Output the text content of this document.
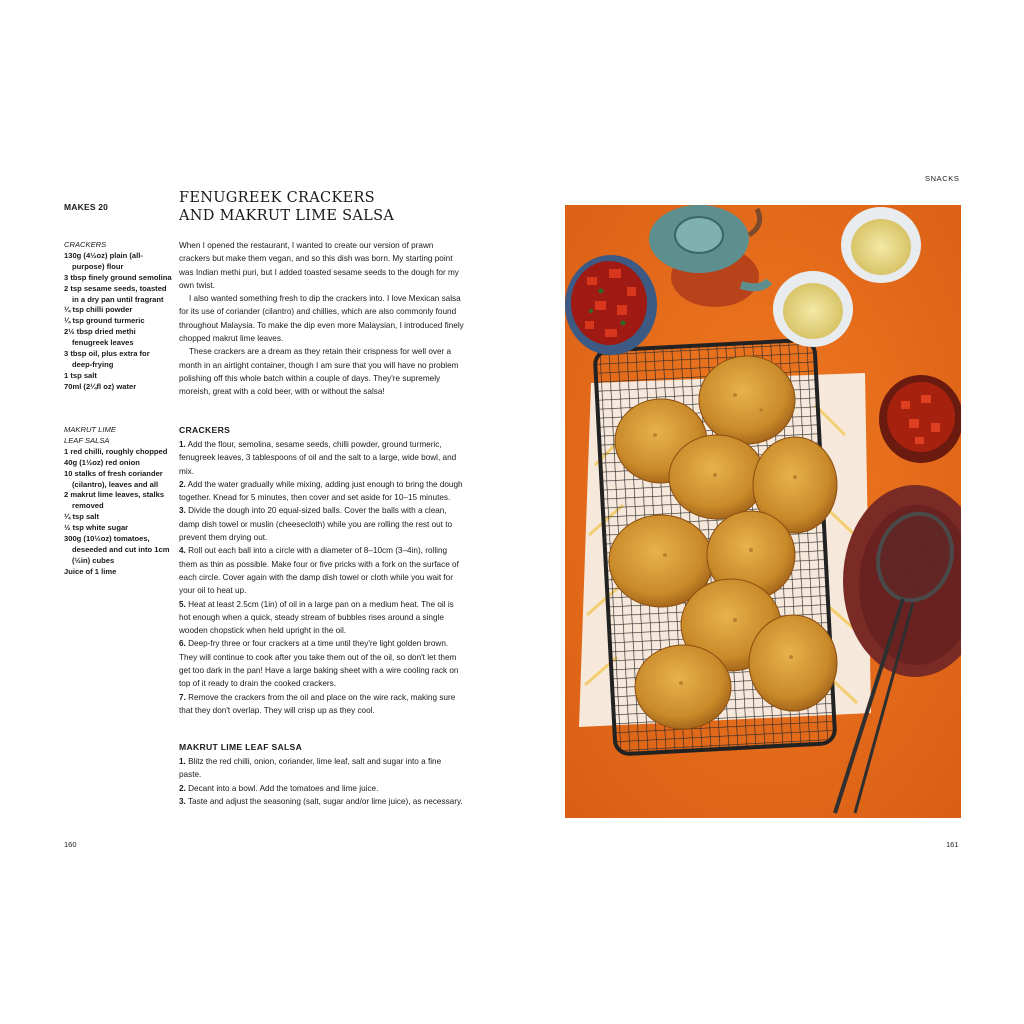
MAKES 20
CRACKERS
130g (4½oz) plain (all-purpose) flour
3 tbsp finely ground semolina
2 tsp sesame seeds, toasted in a dry pan until fragrant
¼ tsp chilli powder
¼ tsp ground turmeric
2½ tbsp dried methi fenugreek leaves
3 tbsp oil, plus extra for deep-frying
1 tsp salt
70ml (2¼fl oz) water
MAKRUT LIME
LEAF SALSA
1 red chilli, roughly chopped
40g (1½oz) red onion
10 stalks of fresh coriander (cilantro), leaves and all
2 makrut lime leaves, stalks removed
¼ tsp salt
½ tsp white sugar
300g (10½oz) tomatoes, deseeded and cut into 1cm (½in) cubes
Juice of 1 lime
FENUGREEK CRACKERS
AND MAKRUT LIME SALSA

When I opened the restaurant, I wanted to create our version of prawn crackers but make them vegan, and so this dish was born. My starting point was Indian methi puri, but I added toasted sesame seeds to the dough for my own twist.

I also wanted something fresh to dip the crackers into. I love Mexican salsa for its use of coriander (cilantro) and chillies, which are also commonly found throughout Malaysia. To make the dip even more Malaysian, I introduced finely chopped makrut lime leaves.

These crackers are a dream as they retain their crispness for well over a month in an airtight container, though I am sure that you will have no problem polishing off this whole batch within a couple of days. They're supremely moreish, great with a cold beer, with or without the salsa!

CRACKERS

1. Add the flour, semolina, sesame seeds, chilli powder, ground turmeric, fenugreek leaves, 3 tablespoons of oil and the salt to a large, wide bowl, and mix.

2. Add the water gradually while mixing, adding just enough to bring the dough together. Knead for 5 minutes, then cover and set aside for 10–15 minutes.

3. Divide the dough into 20 equal-sized balls. Cover the balls with a clean, damp dish towel or muslin (cheesecloth) while you are rolling the rest out to prevent them drying out.

4. Roll out each ball into a circle with a diameter of 8–10cm (3–4in), rolling them as thin as possible. Make four or five pricks with a fork on the surface of each circle. Cover again with the damp dish towel or cloth while you wait for your oil to heat up.

5. Heat at least 2.5cm (1in) of oil in a large pan on a medium heat. The oil is hot enough when a quick, steady stream of bubbles rises around a single wooden chopstick when held upright in the oil.

6. Deep-fry three or four crackers at a time until they're light golden brown. They will continue to cook after you take them out of the oil, so don't let them get too dark in the pan! Have a large baking sheet with a wire cooling rack on top of it ready to drain the cooked crackers.

7. Remove the crackers from the oil and place on the wire rack, making sure that they don't overlap. They will crisp up as they cool.

MAKRUT LIME LEAF SALSA

1. Blitz the red chilli, onion, coriander, lime leaf, salt and sugar into a fine paste.

2. Decant into a bowl. Add the tomatoes and lime juice.

3. Taste and adjust the seasoning (salt, sugar and/or lime juice), as necessary.

160
SNACKS
161
